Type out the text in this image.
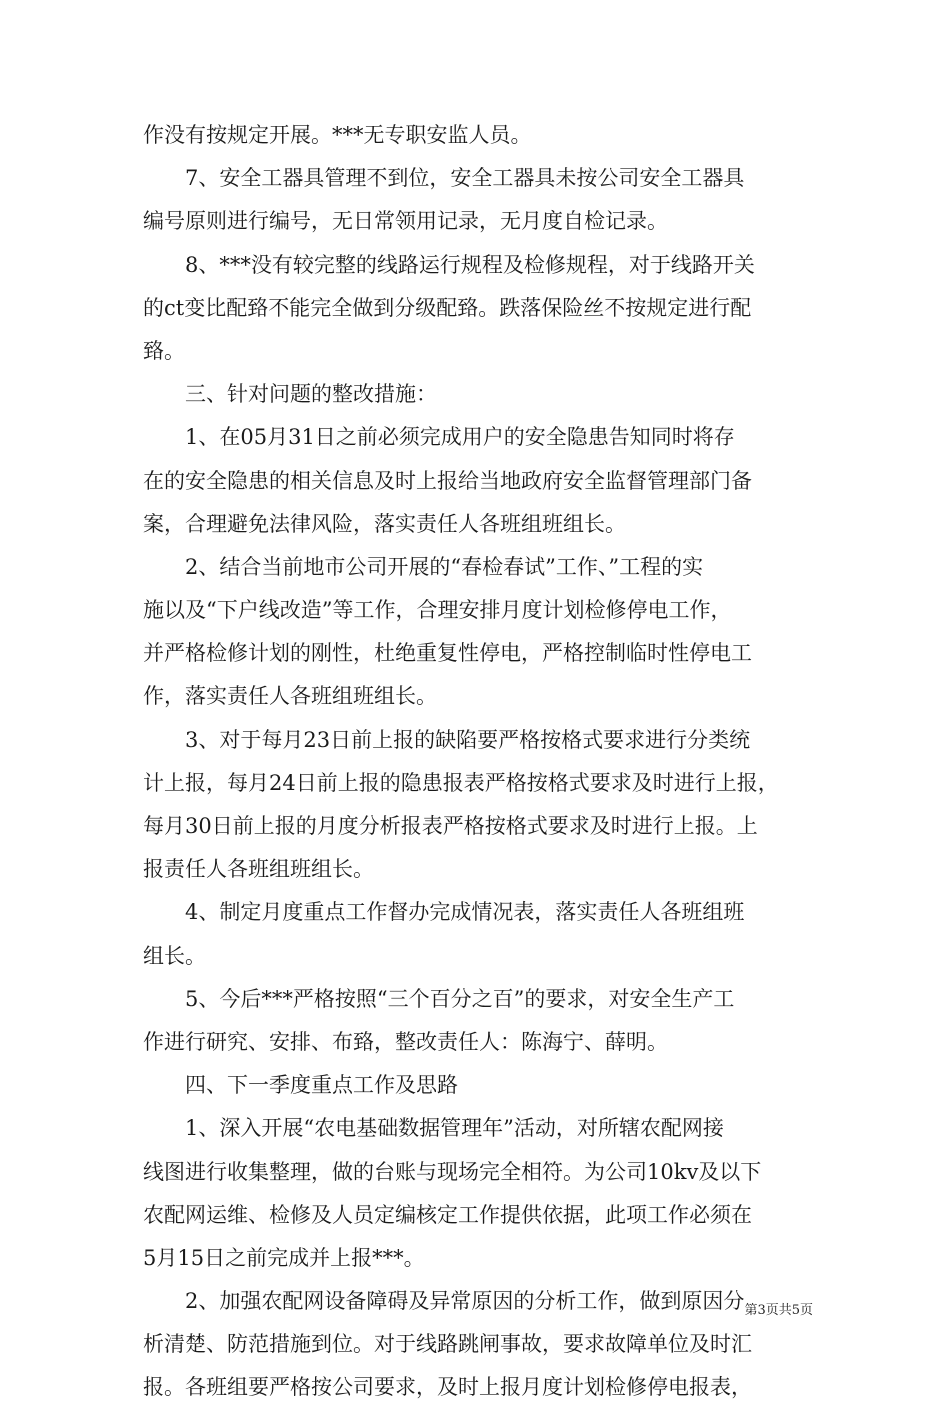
作没有按规定开展。***无专职安监人员。
　　7、安全工器具管理不到位，安全工器具未按公司安全工器具
编号原则进行编号，无日常领用记录，无月度自检记录。
　　8、***没有较完整的线路运行规程及检修规程，对于线路开关
的ct变比配臵不能完全做到分级配臵。跌落保险丝不按规定进行配
臵。
　　三、针对问题的整改措施：
　　1、在05月31日之前必须完成用户的安全隐患告知同时将存
在的安全隐患的相关信息及时上报给当地政府安全监督管理部门备
案，合理避免法律风险，落实责任人各班组班组长。
　　2、结合当前地市公司开展的“春检春试”工作、”工程的实
施以及“下户线改造”等工作，合理安排月度计划检修停电工作，
并严格检修计划的刚性，杜绝重复性停电，严格控制临时性停电工
作，落实责任人各班组班组长。
　　3、对于每月23日前上报的缺陷要严格按格式要求进行分类统
计上报，每月24日前上报的隐患报表严格按格式要求及时进行上报，
每月30日前上报的月度分析报表严格按格式要求及时进行上报。上
报责任人各班组班组长。
　　4、制定月度重点工作督办完成情况表，落实责任人各班组班
组长。
　　5、今后***严格按照“三个百分之百”的要求，对安全生产工
作进行研究、安排、布臵，整改责任人：陈海宁、薛明。
　　四、下一季度重点工作及思路
　　1、深入开展“农电基础数据管理年”活动，对所辖农配网接
线图进行收集整理，做的台账与现场完全相符。为公司10kv及以下
农配网运维、检修及人员定编核定工作提供依据，此项工作必须在
5月15日之前完成并上报***。
　　2、加强农配网设备障碍及异常原因的分析工作，做到原因分
析清楚、防范措施到位。对于线路跳闸事故，要求故障单位及时汇
报。各班组要严格按公司要求，及时上报月度计划检修停电报表，
第3页共5页
